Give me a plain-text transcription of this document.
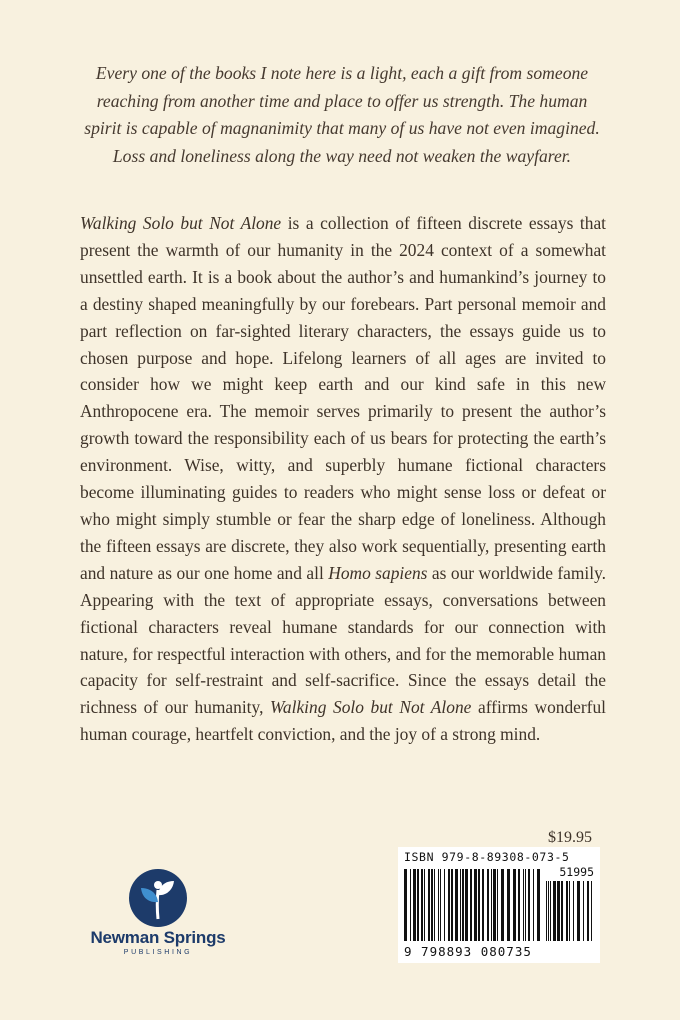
Every one of the books I note here is a light, each a gift from someone reaching from another time and place to offer us strength. The human spirit is capable of magnanimity that many of us have not even imagined. Loss and loneliness along the way need not weaken the wayfarer.
Walking Solo but Not Alone is a collection of fifteen discrete essays that present the warmth of our humanity in the 2024 context of a somewhat unsettled earth. It is a book about the author’s and humankind’s journey to a destiny shaped meaningfully by our forebears. Part personal memoir and part reflection on far-sighted literary characters, the essays guide us to chosen purpose and hope. Lifelong learners of all ages are invited to consider how we might keep earth and our kind safe in this new Anthropocene era. The memoir serves primarily to present the author’s growth toward the responsibility each of us bears for protecting the earth’s environment. Wise, witty, and superbly humane fictional characters become illuminating guides to readers who might sense loss or defeat or who might simply stumble or fear the sharp edge of loneliness. Although the fifteen essays are discrete, they also work sequentially, presenting earth and nature as our one home and all Homo sapiens as our worldwide family. Appearing with the text of appropriate essays, conversations between fictional characters reveal humane standards for our connection with nature, for respectful interaction with others, and for the memorable human capacity for self-restraint and self-sacrifice. Since the essays detail the richness of our humanity, Walking Solo but Not Alone affirms wonderful human courage, heartfelt conviction, and the joy of a strong mind.
$19.95
ISBN 979-8-89308-073-5
51995
9 798893 080735
Newman Springs
PUBLISHING
